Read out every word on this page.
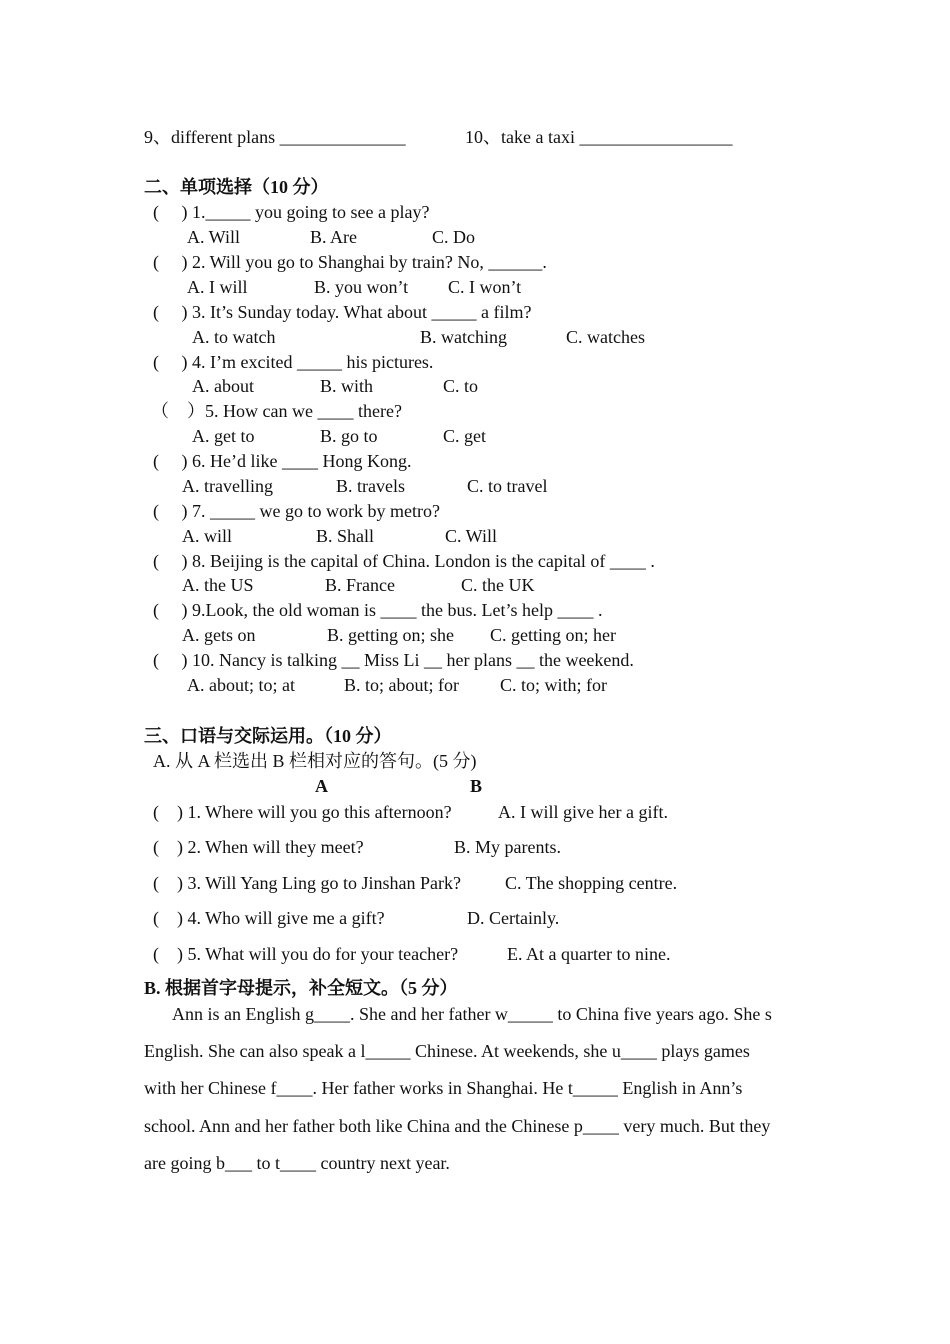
9、different plans ______________	10、take a taxi _________________
二、单项选择（10 分）
(     ) 1._____ you going to see a play?
A. Will	B. Are	C. Do
(     ) 2. Will you go to Shanghai by train? No, ______.
A. I will	B. you won’t C. I won’t
(     ) 3. It’s Sunday today. What about _____ a film?
A. to watch	B. watching	C. watches
(     ) 4. I’m excited _____ his pictures.
A. about	B. with	C. to
（    ）5. How can we ____ there?
A. get to	B. go to	C. get
(     ) 6. He’d like ____ Hong Kong.
A. travelling	B. travels	C. to travel
(     ) 7. _____ we go to work by metro?
A. will	B. Shall	C. Will
(     ) 8. Beijing is the capital of China. London is the capital of ____ .
A. the US	B. France	C. the UK
(     ) 9.Look, the old woman is ____ the bus. Let’s help ____ .
A. gets on	B. getting on; she C. getting on; her
(     ) 10. Nancy is talking __ Miss Li __ her plans __ the weekend.
A. about; to; at	B. to; about; for C. to; with; for
三、口语与交际运用。（10 分）
A. 从 A 栏选出 B 栏相对应的答句。(5 分)
A	B
(    ) 1. Where will you go this afternoon?	A. I will give her a gift.
(    ) 2. When will they meet?	B. My parents.
(    ) 3. Will Yang Ling go to Jinshan Park? C. The shopping centre.
(    ) 4. Who will give me a gift?	D. Certainly.
(    ) 5. What will you do for your teacher?	E. At a quarter to nine.
B. 根据首字母提示，补全短文。（5 分）
Ann is an English g____. She and her father w_____ to China five years ago. She s
English. She can also speak a l_____ Chinese. At weekends, she u____ plays games
with her Chinese f____. Her father works in Shanghai. He t_____ English in Ann’s
school. Ann and her father both like China and the Chinese p____ very much. But they
are going b___ to t____ country next year.
